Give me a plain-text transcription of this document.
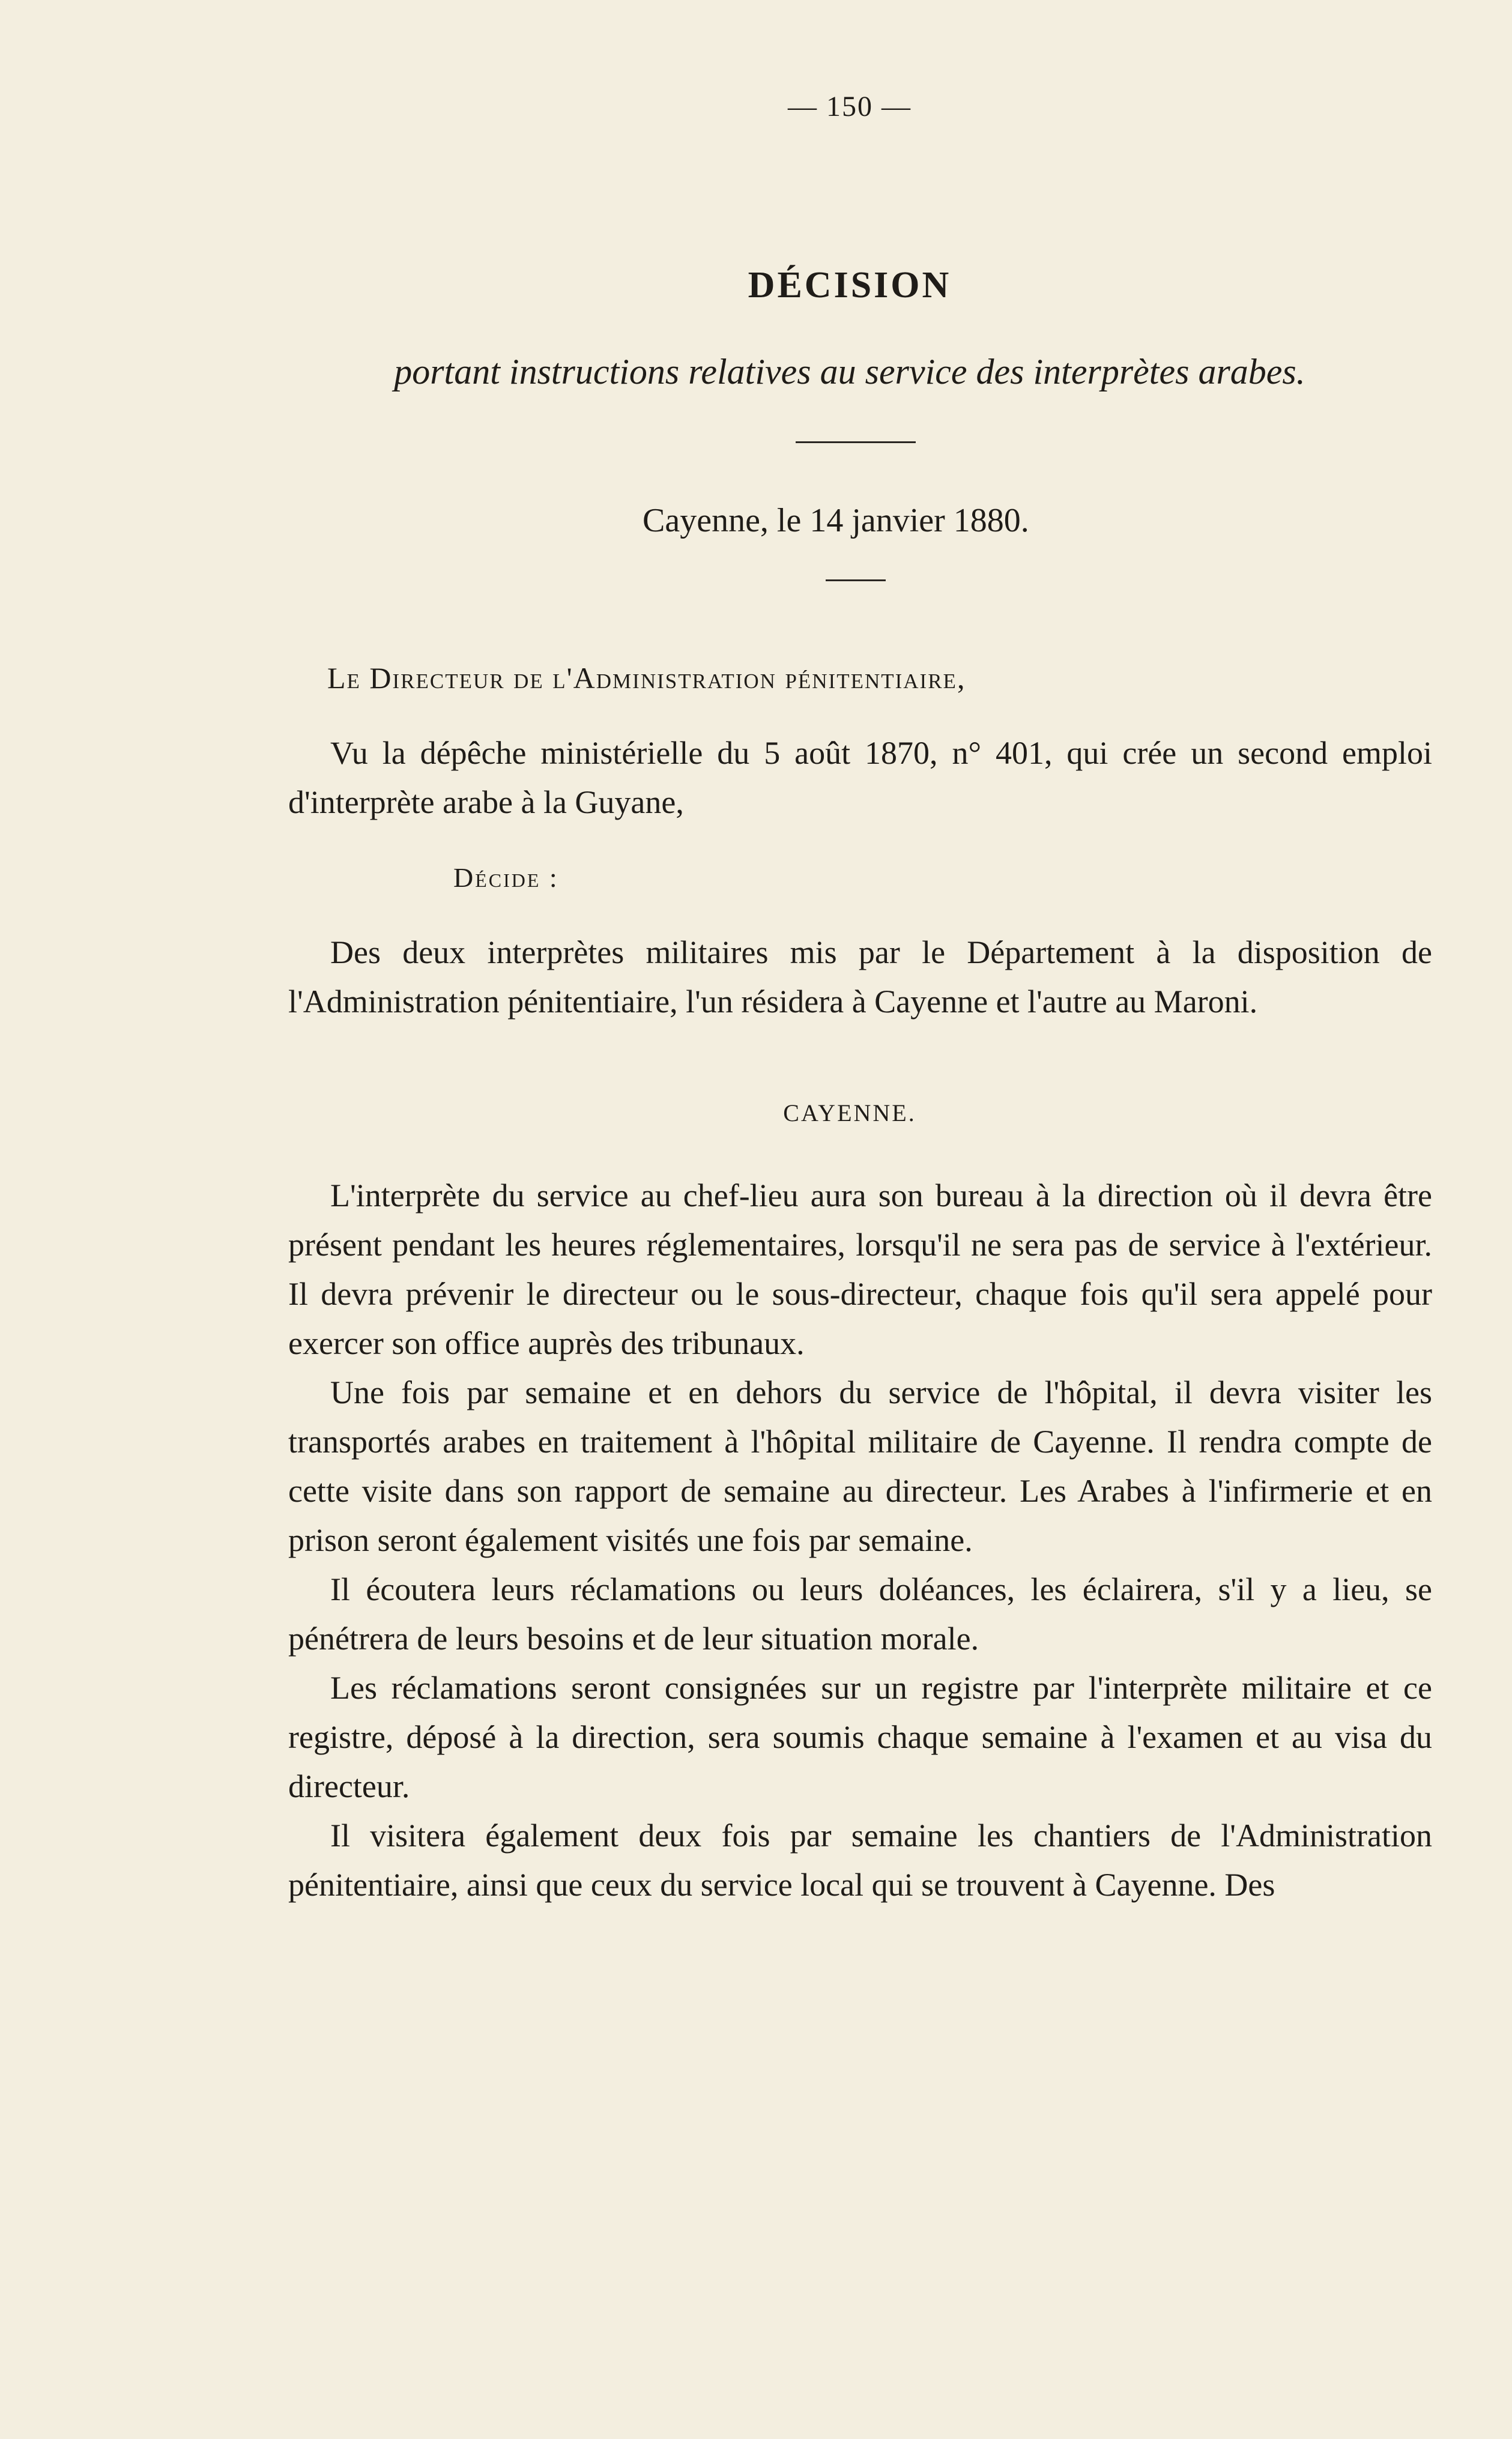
— 150 —
DÉCISION
portant instructions relatives au service des interprètes arabes.
Cayenne, le 14 janvier 1880.
Le Directeur de l'Administration pénitentiaire,

Vu la dépêche ministérielle du 5 août 1870, n° 401, qui crée un second emploi d'interprète arabe à la Guyane,

Décide :

Des deux interprètes militaires mis par le Département à la disposition de l'Administration pénitentiaire, l'un résidera à Cayenne et l'autre au Maroni.

CAYENNE.

L'interprète du service au chef-lieu aura son bureau à la direction où il devra être présent pendant les heures réglementaires, lorsqu'il ne sera pas de service à l'extérieur. Il devra prévenir le directeur ou le sous-directeur, chaque fois qu'il sera appelé pour exercer son office auprès des tribunaux.

Une fois par semaine et en dehors du service de l'hôpital, il devra visiter les transportés arabes en traitement à l'hôpital militaire de Cayenne. Il rendra compte de cette visite dans son rapport de semaine au directeur. Les Arabes à l'infirmerie et en prison seront également visités une fois par semaine.

Il écoutera leurs réclamations ou leurs doléances, les éclairera, s'il y a lieu, se pénétrera de leurs besoins et de leur situation morale.

Les réclamations seront consignées sur un registre par l'interprète militaire et ce registre, déposé à la direction, sera soumis chaque semaine à l'examen et au visa du directeur.

Il visitera également deux fois par semaine les chantiers de l'Administration pénitentiaire, ainsi que ceux du service local qui se trouvent à Cayenne. Des
